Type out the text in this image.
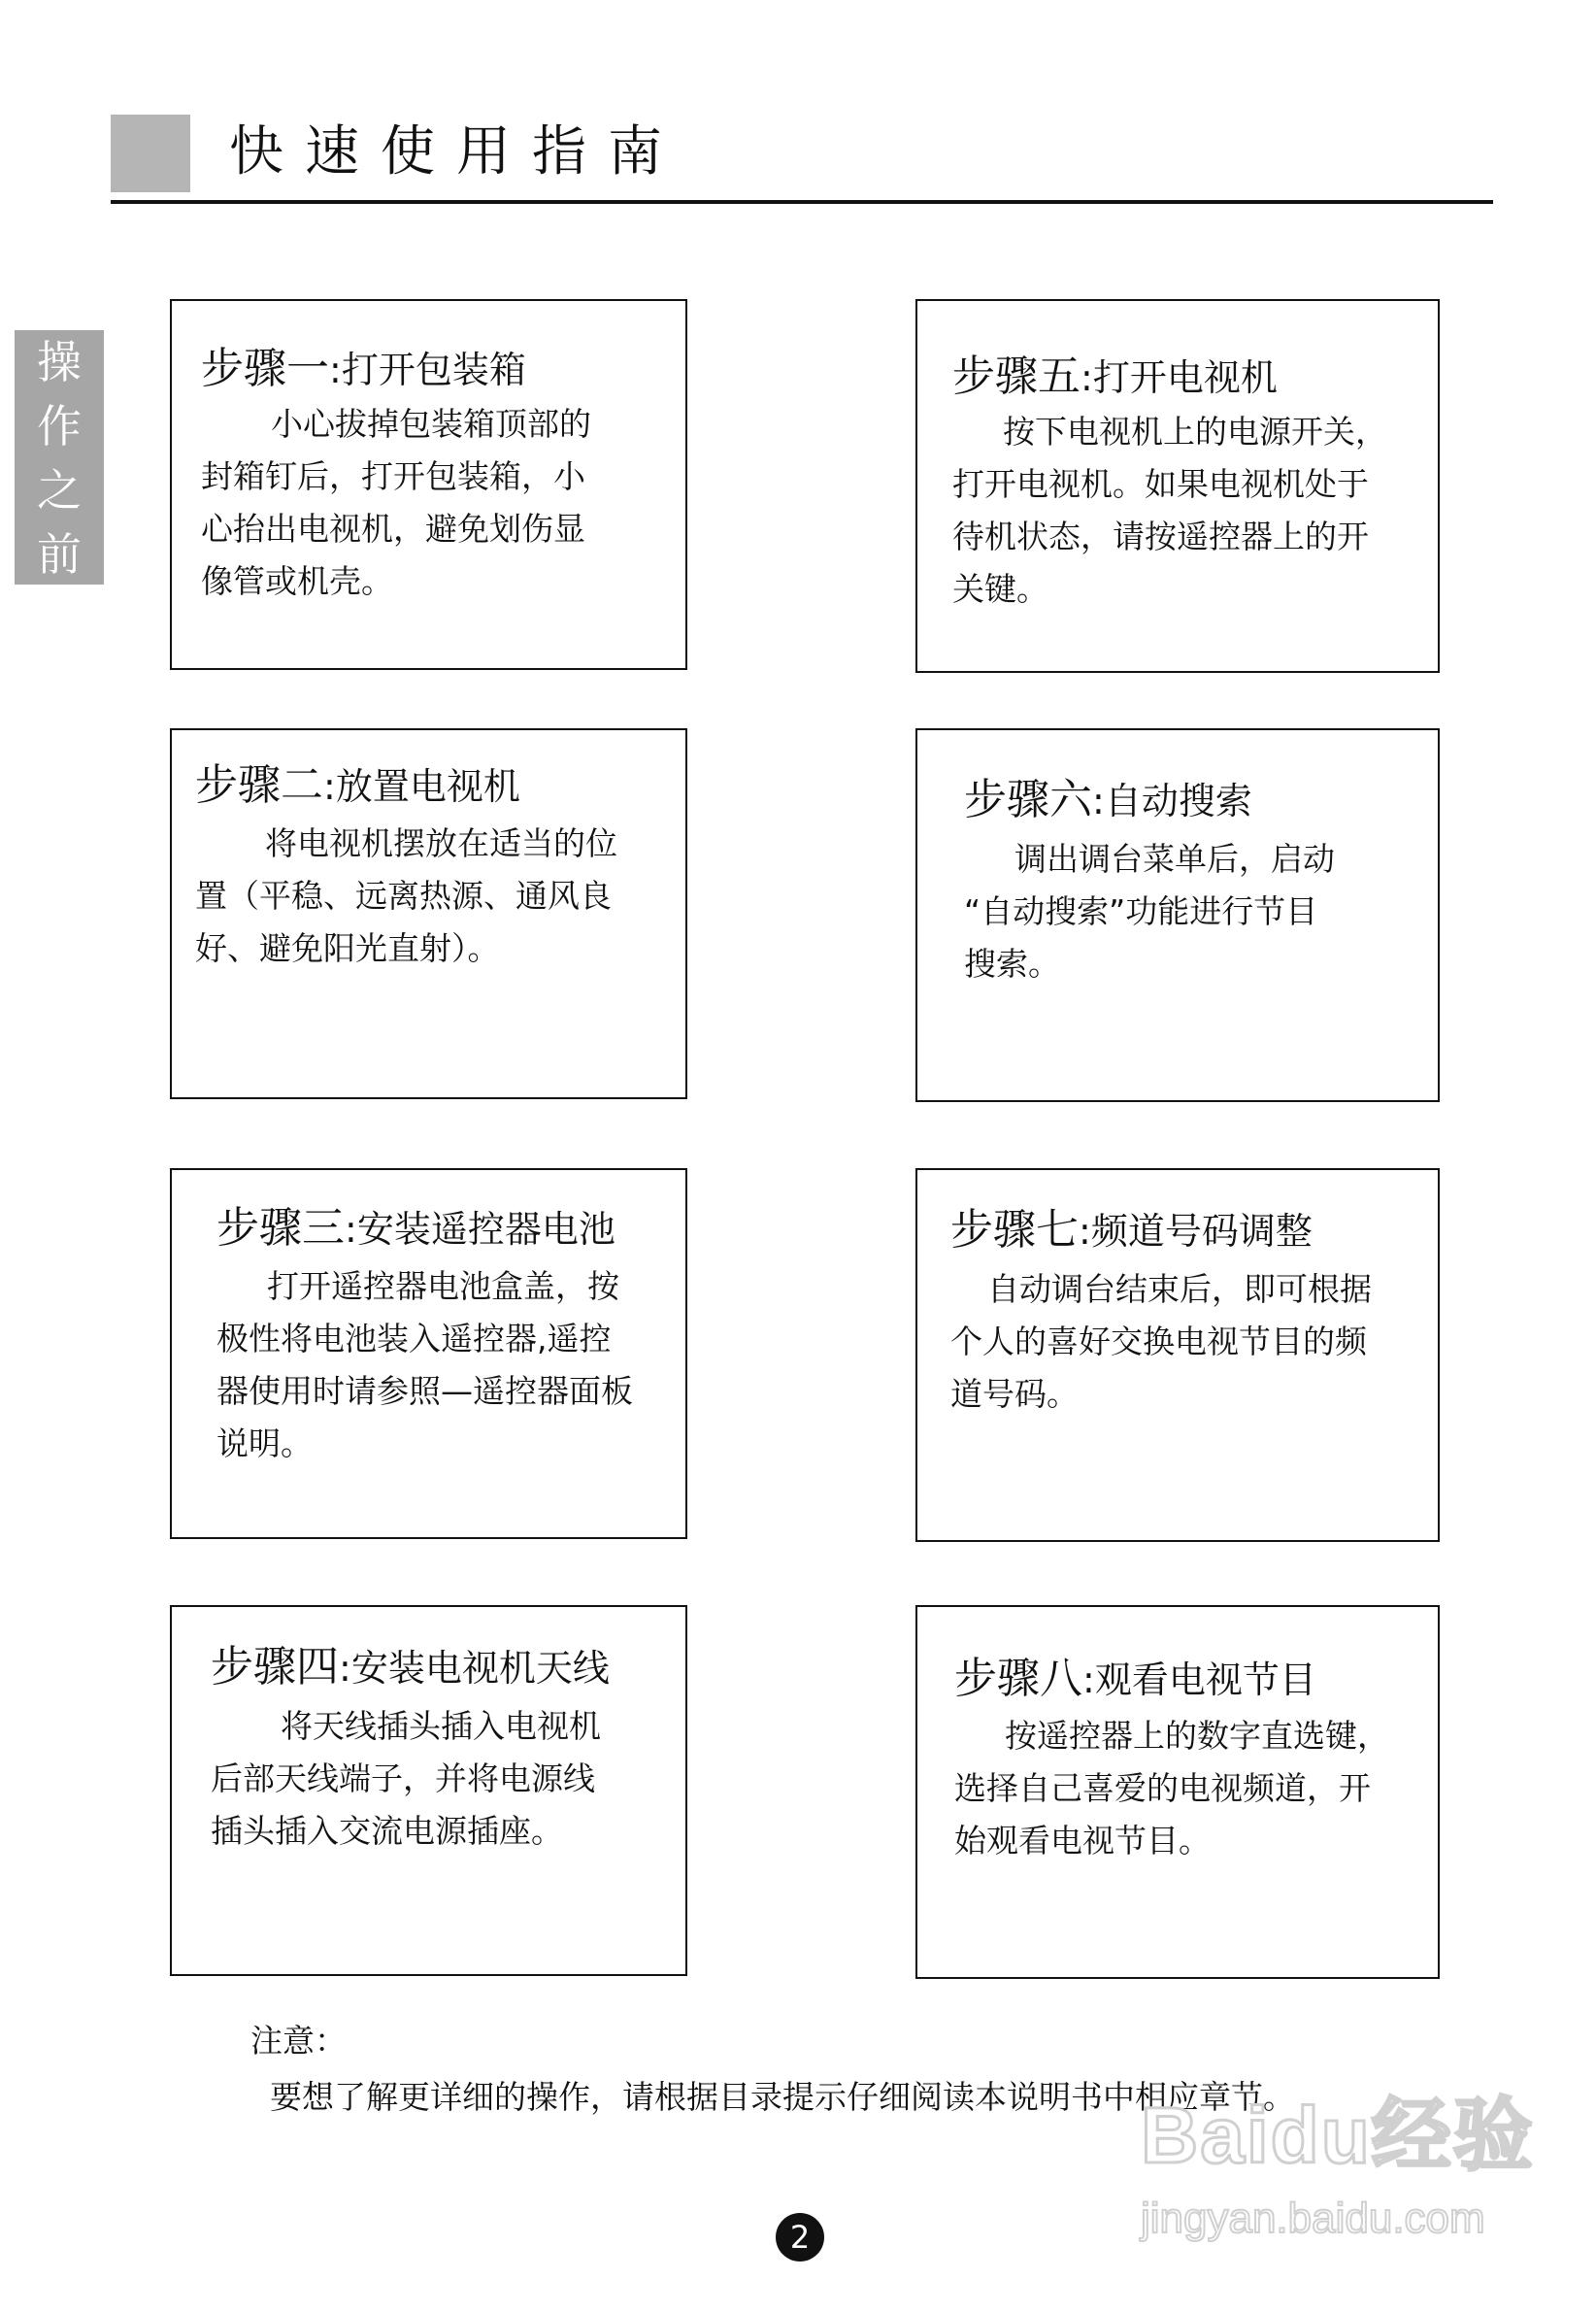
快速使用指南
操
作
之
前
步骤一:打开包装箱
小心拔掉包装箱顶部的
封箱钉后，打开包装箱，小
心抬出电视机，避免划伤显
像管或机壳。
步骤二:放置电视机
将电视机摆放在适当的位
置（平稳、远离热源、通风良
好、避免阳光直射）。
步骤三:安装遥控器电池
打开遥控器电池盒盖，按
极性将电池装入遥控器,遥控
器使用时请参照—遥控器面板
说明。
步骤四:安装电视机天线
将天线插头插入电视机
后部天线端子，并将电源线
插头插入交流电源插座。
步骤五:打开电视机
按下电视机上的电源开关，
打开电视机。如果电视机处于
待机状态，请按遥控器上的开
关键。
步骤六:自动搜索
调出调台菜单后，启动
“自动搜索”功能进行节目
搜索。
步骤七:频道号码调整
自动调台结束后，即可根据
个人的喜好交换电视节目的频
道号码。
步骤八:观看电视节目
按遥控器上的数字直选键，
选择自己喜爱的电视频道，开
始观看电视节目。
注意：
要想了解更详细的操作，请根据目录提示仔细阅读本说明书中相应章节。
2
Baidu经验
jingyan.baidu.com
